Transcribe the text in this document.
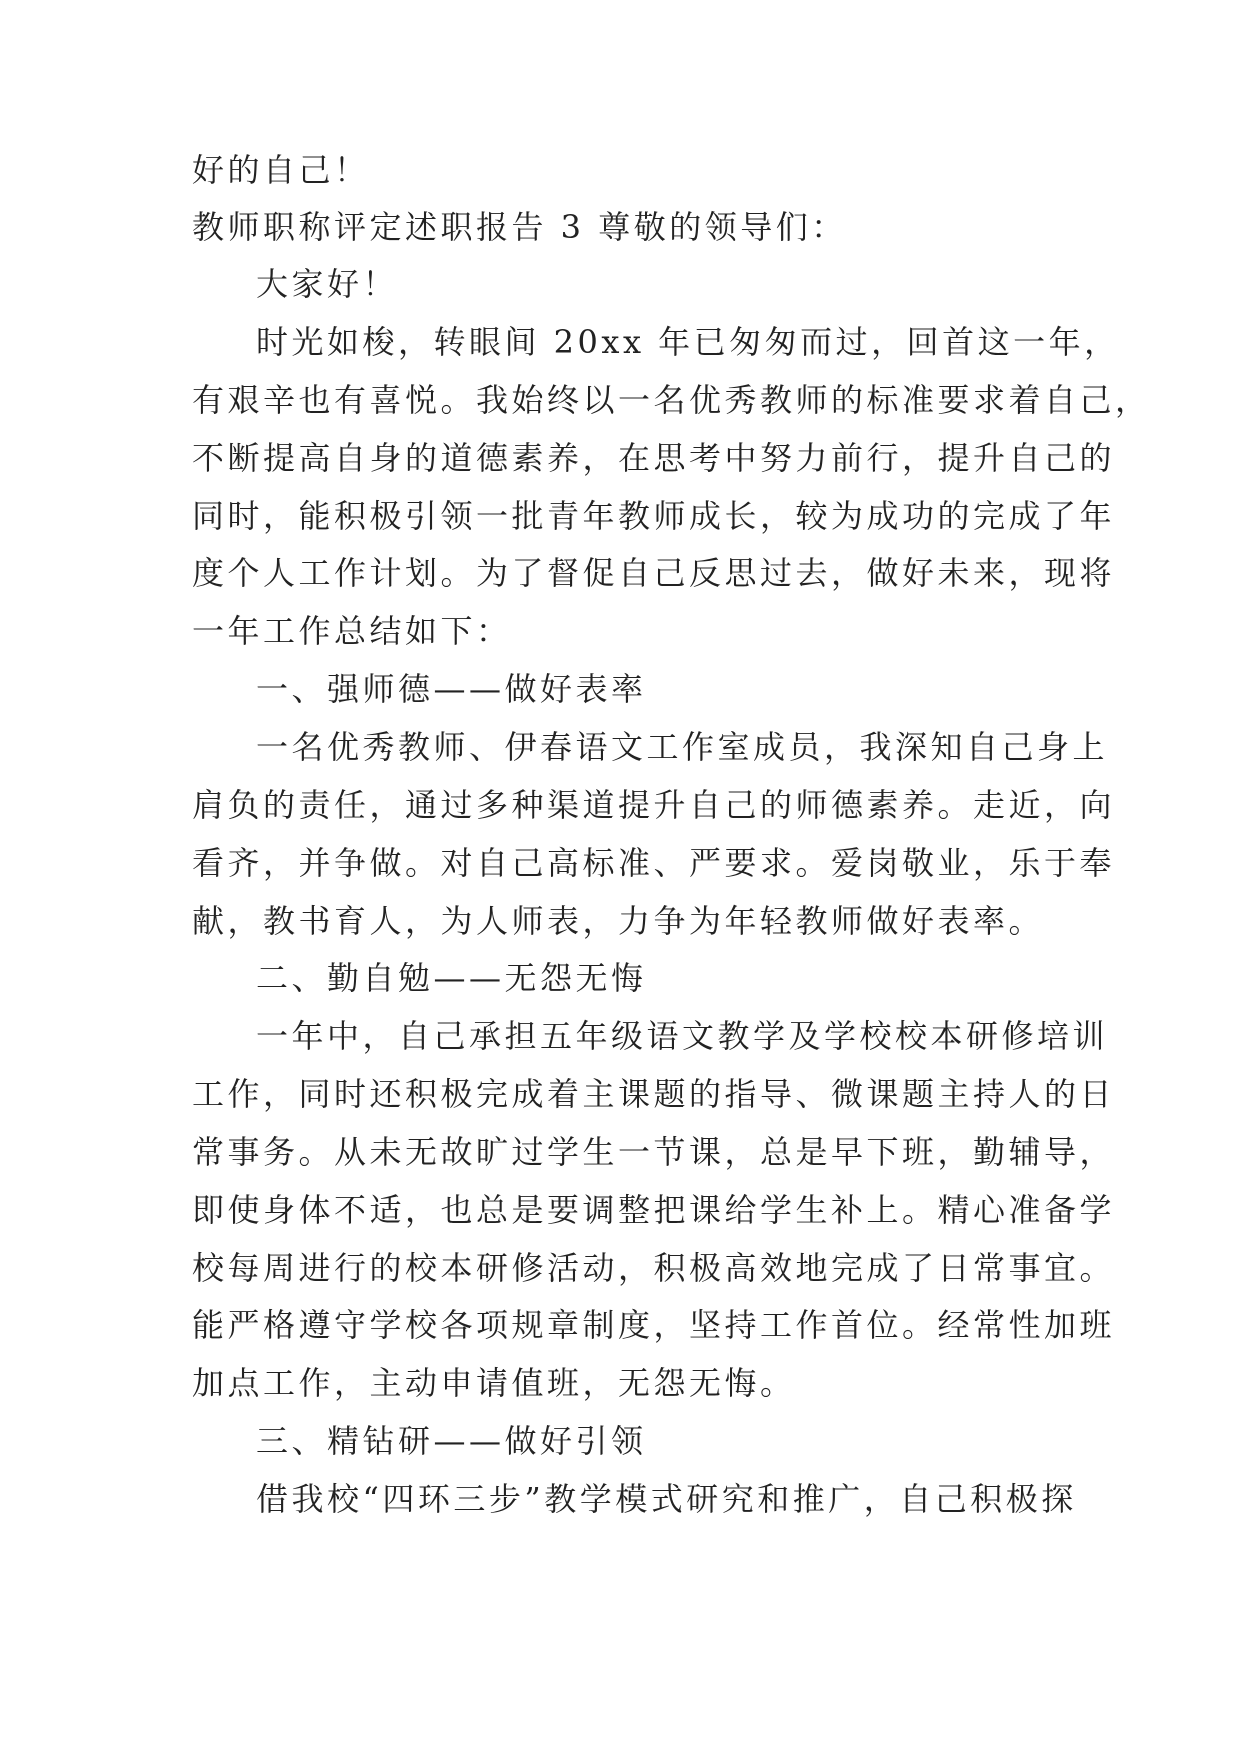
好的自己！
教师职称评定述职报告 3 尊敬的领导们：
大家好！
时光如梭，转眼间 20xx 年已匆匆而过，回首这一年，
有艰辛也有喜悦。我始终以一名优秀教师的标准要求着自己，
不断提高自身的道德素养，在思考中努力前行，提升自己的
同时，能积极引领一批青年教师成长，较为成功的完成了年
度个人工作计划。为了督促自己反思过去，做好未来，现将
一年工作总结如下：
一、强师德——做好表率
一名优秀教师、伊春语文工作室成员，我深知自己身上
肩负的责任，通过多种渠道提升自己的师德素养。走近，向
看齐，并争做。对自己高标准、严要求。爱岗敬业，乐于奉
献，教书育人，为人师表，力争为年轻教师做好表率。
二、勤自勉——无怨无悔
一年中，自己承担五年级语文教学及学校校本研修培训
工作，同时还积极完成着主课题的指导、微课题主持人的日
常事务。从未无故旷过学生一节课，总是早下班，勤辅导，
即使身体不适，也总是要调整把课给学生补上。精心准备学
校每周进行的校本研修活动，积极高效地完成了日常事宜。
能严格遵守学校各项规章制度，坚持工作首位。经常性加班
加点工作，主动申请值班，无怨无悔。
三、精钻研——做好引领
借我校“四环三步”教学模式研究和推广，自己积极探
